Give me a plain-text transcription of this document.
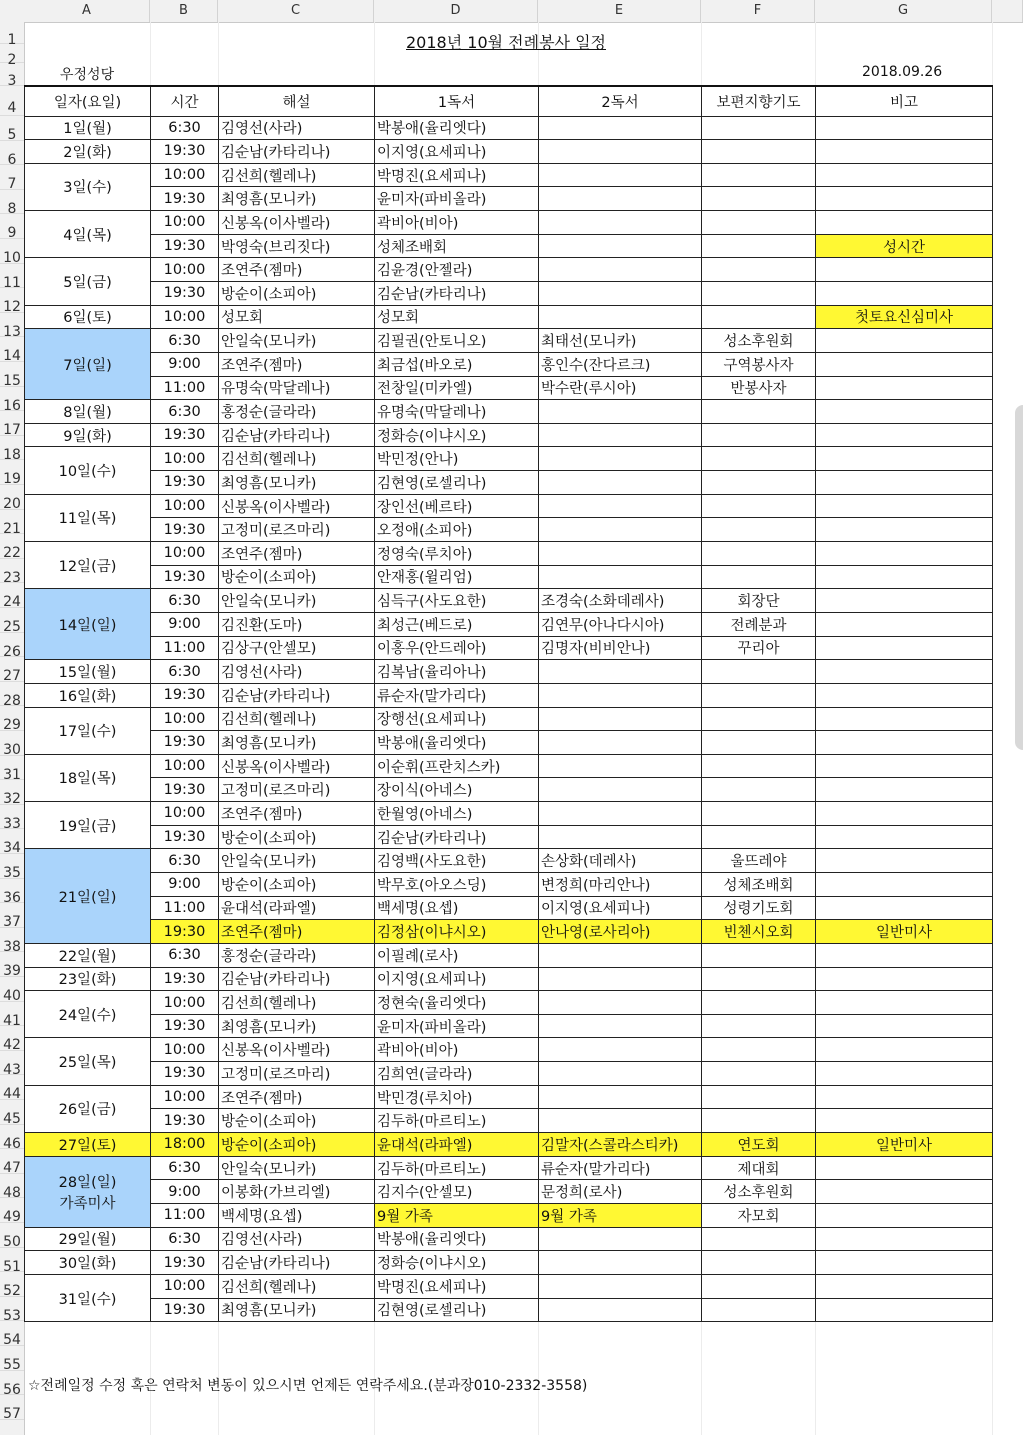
A	B	C	D	E	F	G
1
2
3
4
5
6
7
8
9
10
11
12
13
14
15
16
17
18
19
20
21
22
23
24
25
26
27
28
29
30
31
32
33
34
35
36
37
38
39
40
41
42
43
44
45
46
47
48
49
50
51
52
53
54
55
56
57
2018년 10월 전례봉사 일정
우정성당	2018.09.26
일자(요일)	시간	해설	1독서	2독서	보편지향기도	비고
1일(월)	6:30	김영선(사라)	박봉애(율리엣다)			
2일(화)	19:30	김순남(카타리나)	이지영(요세피나)			
3일(수)	10:00	김선희(헬레나)	박명진(요세피나)			
	19:30	최영흠(모니카)	윤미자(파비올라)			
4일(목)	10:00	신봉옥(이사벨라)	곽비아(비아)			
	19:30	박영숙(브리짓다)	성체조배회			성시간
5일(금)	10:00	조연주(젬마)	김윤경(안젤라)			
	19:30	방순이(소피아)	김순남(카타리나)			
6일(토)	10:00	성모회	성모회			첫토요신심미사
7일(일)	6:30	안일숙(모니카)	김필권(안토니오)	최태선(모니카)	성소후원회	
	9:00	조연주(젬마)	최금섭(바오로)	홍인수(잔다르크)	구역봉사자	
	11:00	유명숙(막달레나)	전창일(미카엘)	박수란(루시아)	반봉사자	
8일(월)	6:30	홍정순(글라라)	유명숙(막달레나)			
9일(화)	19:30	김순남(카타리나)	정화승(이냐시오)			
10일(수)	10:00	김선희(헬레나)	박민정(안나)			
	19:30	최영흠(모니카)	김현영(로셀리나)			
11일(목)	10:00	신봉옥(이사벨라)	장인선(베르타)			
	19:30	고정미(로즈마리)	오정애(소피아)			
12일(금)	10:00	조연주(젬마)	정영숙(루치아)			
	19:30	방순이(소피아)	안재홍(윌리엄)			
14일(일)	6:30	안일숙(모니카)	심득구(사도요한)	조경숙(소화데레사)	회장단	
	9:00	김진환(도마)	최성근(베드로)	김연무(아나다시아)	전례분과	
	11:00	김상구(안셀모)	이홍우(안드레아)	김명자(비비안나)	꾸리아	
15일(월)	6:30	김영선(사라)	김복남(율리아나)			
16일(화)	19:30	김순남(카타리나)	류순자(말가리다)			
17일(수)	10:00	김선희(헬레나)	장행선(요세피나)			
	19:30	최영흠(모니카)	박봉애(율리엣다)			
18일(목)	10:00	신봉옥(이사벨라)	이순휘(프란치스카)			
	19:30	고정미(로즈마리)	장이식(아네스)			
19일(금)	10:00	조연주(젬마)	한월영(아네스)			
	19:30	방순이(소피아)	김순남(카타리나)			
21일(일)	6:30	안일숙(모니카)	김영백(사도요한)	손상화(데레사)	울뜨레야	
	9:00	방순이(소피아)	박무호(아오스딩)	변정희(마리안나)	성체조배회	
	11:00	윤대석(라파엘)	백세명(요셉)	이지영(요세피나)	성령기도회	
	19:30	조연주(젬마)	김정삼(이냐시오)	안나영(로사리아)	빈첸시오회	일반미사
22일(월)	6:30	홍정순(글라라)	이필례(로사)			
23일(화)	19:30	김순남(카타리나)	이지영(요세피나)			
24일(수)	10:00	김선희(헬레나)	정현숙(율리엣다)			
	19:30	최영흠(모니카)	윤미자(파비올라)			
25일(목)	10:00	신봉옥(이사벨라)	곽비아(비아)			
	19:30	고정미(로즈마리)	김희연(글라라)			
26일(금)	10:00	조연주(젬마)	박민경(루치아)			
	19:30	방순이(소피아)	김두하(마르티노)			
27일(토)	18:00	방순이(소피아)	윤대석(라파엘)	김말자(스콜라스티카)	연도회	일반미사
28일(일)
가족미사	6:30	안일숙(모니카)	김두하(마르티노)	류순자(말가리다)	제대회	
	9:00	이봉화(가브리엘)	김지수(안셀모)	문정희(로사)	성소후원회	
	11:00	백세명(요셉)	9월 가족	9월 가족	자모회	
29일(월)	6:30	김영선(사라)	박봉애(율리엣다)			
30일(화)	19:30	김순남(카타리나)	정화승(이냐시오)			
31일(수)	10:00	김선희(헬레나)	박명진(요세피나)			
	19:30	최영흠(모니카)	김현영(로셀리나)			
☆전례일정 수정 혹은 연락처 변동이 있으시면 언제든 연락주세요.(분과장010-2332-3558)
